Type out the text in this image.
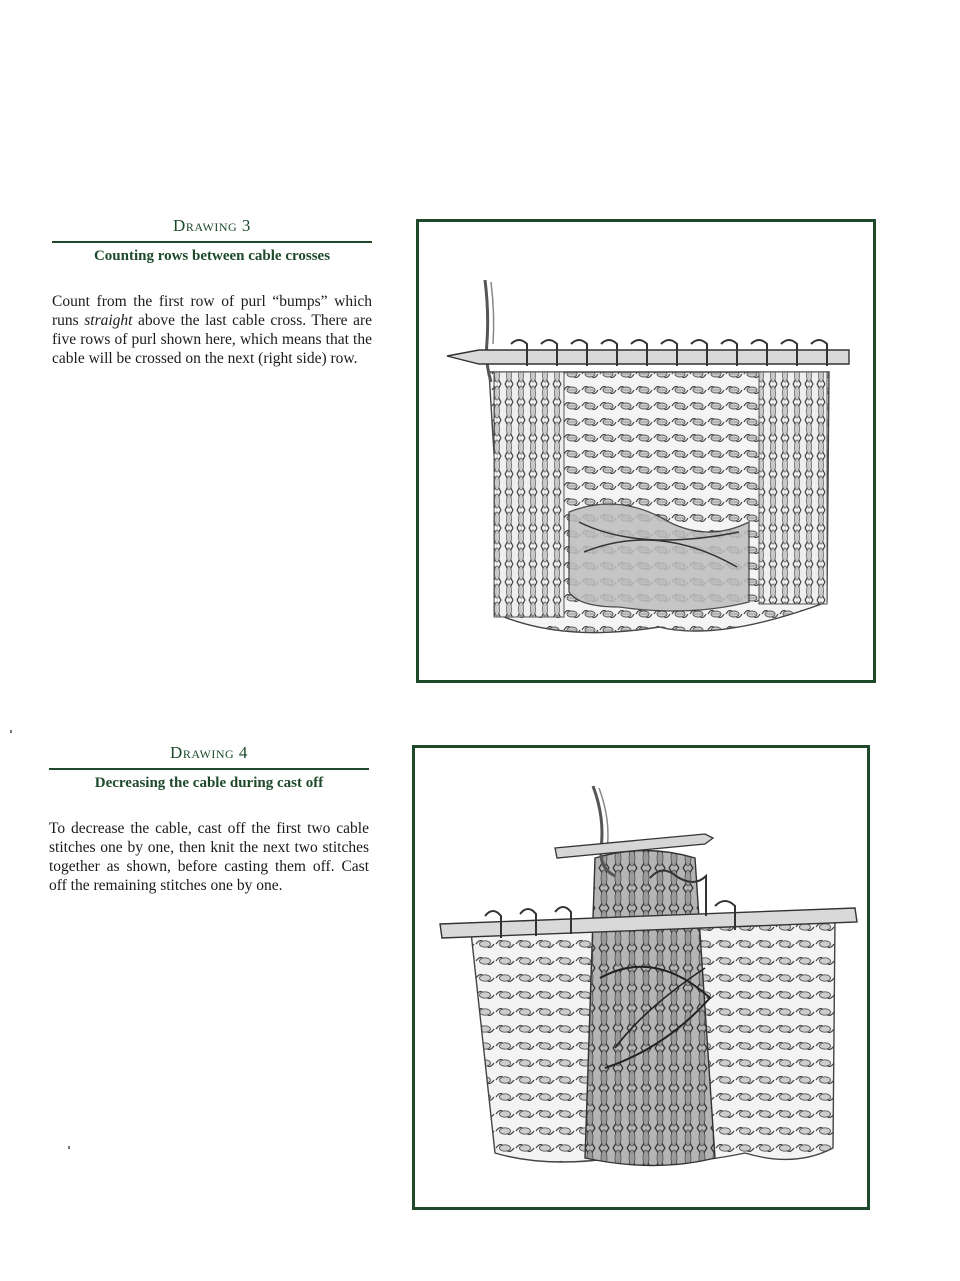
Drawing 3
Counting rows between cable crosses
Count from the first row of purl “bumps” which runs straight above the last cable cross. There are five rows of purl shown here, which means that the cable will be crossed on the next (right side) row.
Drawing 4
Decreasing the cable during cast off
To decrease the cable, cast off the first two cable stitches one by one, then knit the next two stitches together as shown, before casting them off. Cast off the remaining stitches one by one.
